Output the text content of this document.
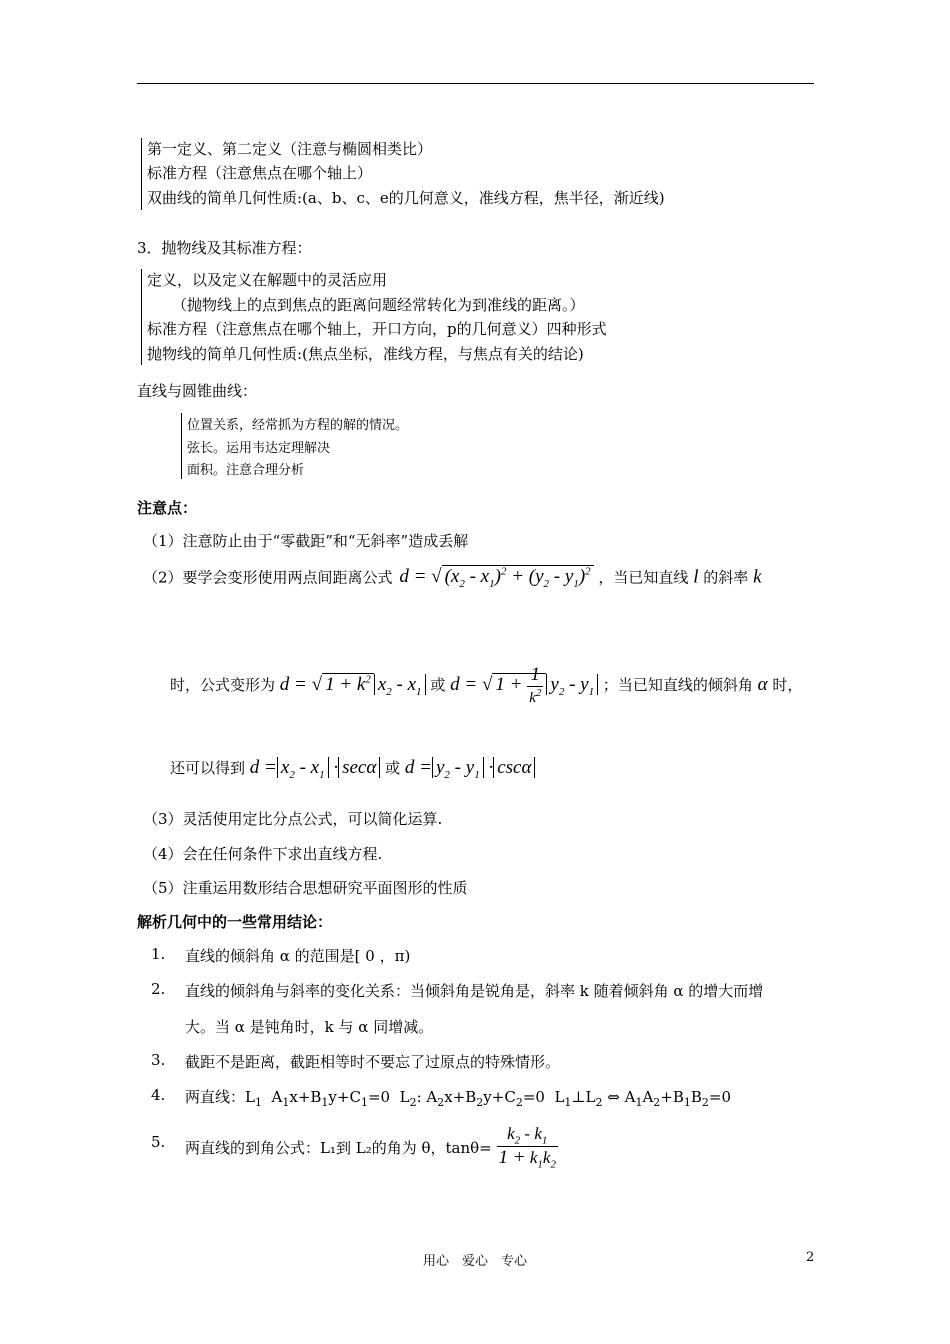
第一定义、第二定义（注意与椭圆相类比）
标准方程（注意焦点在哪个轴上）
双曲线的简单几何性质:(a、b、c、e的几何意义，准线方程，焦半径，渐近线)
3．抛物线及其标准方程：
定义，以及定义在解题中的灵活应用
（抛物线上的点到焦点的距离问题经常转化为到准线的距离。）
标准方程（注意焦点在哪个轴上，开口方向，p的几何意义）四种形式
抛物线的简单几何性质:(焦点坐标，准线方程，与焦点有关的结论)
直线与圆锥曲线：
位置关系，经常抓为方程的解的情况。
弦长。运用韦达定理解决
面积。注意合理分析
注意点：
（1）注意防止由于“零截距”和“无斜率”造成丢解
（2）要学会变形使用两点间距离公式 d = √ $(x_2 - x_1)^2 + (y_2 - y_1)^2$ ，当已知直线 l 的斜率 k
时，公式变形为 d = √ $1 + k^2$ $x_2 - x_1$ 或 d = √ $1 + \frac{1}{k^2} y_2 - y_1$ ；当已知直线的倾斜角 α 时，
还可以得到 $d = x_2 - x_1 \cdot \sec\alpha$ 或 $d = y_2 - y_1 \cdot \csc\alpha$
（3）灵活使用定比分点公式，可以简化运算.
（4）会在任何条件下求出直线方程.
（5）注重运用数形结合思想研究平面图形的性质
解析几何中的一些常用结论：
1. 直线的倾斜角 α 的范围是[ 0 ，π)
2. 直线的倾斜角与斜率的变化关系：当倾斜角是锐角是，斜率 k 随着倾斜角 α 的增大而增
大。当 α 是钝角时，k 与 α 同增减。
3. 截距不是距离，截距相等时不要忘了过原点的特殊情形。
4. 两直线：$L_1$  $A_1x+B_1y+C_1=0$  $L_2$: $A_2x+B_2y+C_2=0$  $L_1\perp L_2$ ⇔ $A_1A_2+B_1B_2=0$
5. 两直线的到角公式：L₁到 L₂的角为 θ，$\tan\theta= \frac{k_2 - k_1}{1 + k_1k_2}$
用心　爱心　专心	2
